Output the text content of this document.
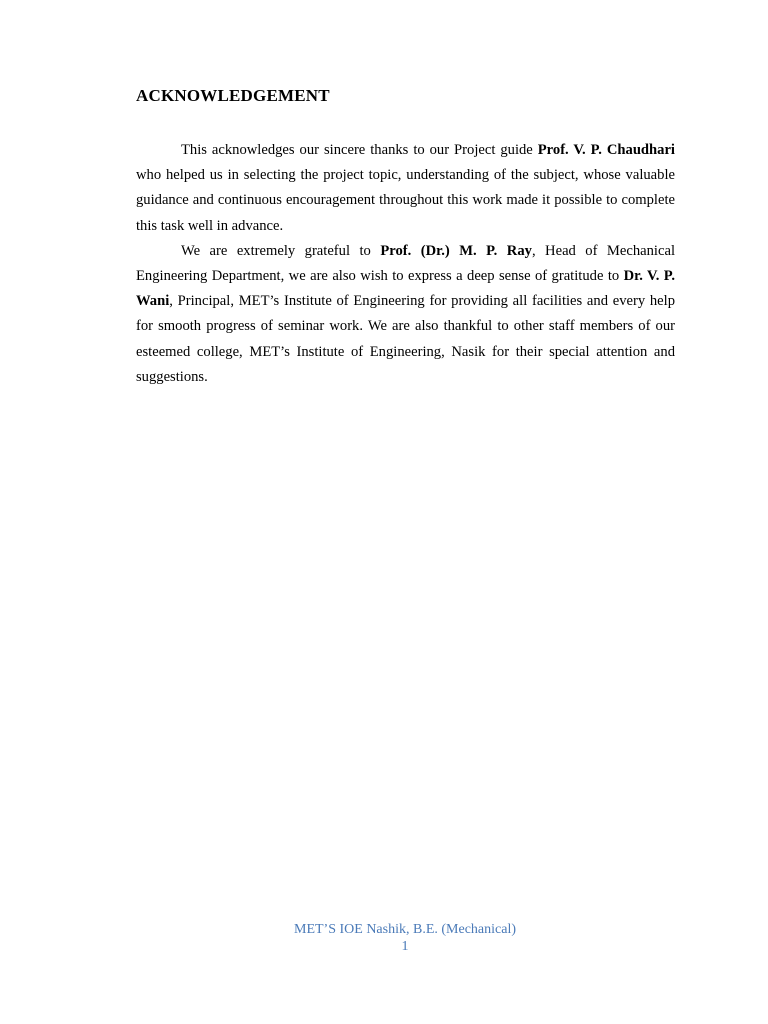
ACKNOWLEDGEMENT

This acknowledges our sincere thanks to our Project guide Prof. V. P. Chaudhari who helped us in selecting the project topic, understanding of the subject, whose valuable guidance and continuous encouragement throughout this work made it possible to complete this task well in advance.

We are extremely grateful to Prof. (Dr.) M. P. Ray, Head of Mechanical Engineering Department, we are also wish to express a deep sense of gratitude to Dr. V. P. Wani, Principal, MET’s Institute of Engineering for providing all facilities and every help for smooth progress of seminar work. We are also thankful to other staff members of our esteemed college, MET’s Institute of Engineering, Nasik for their special attention and suggestions.

MET’S IOE Nashik, B.E. (Mechanical)
1
